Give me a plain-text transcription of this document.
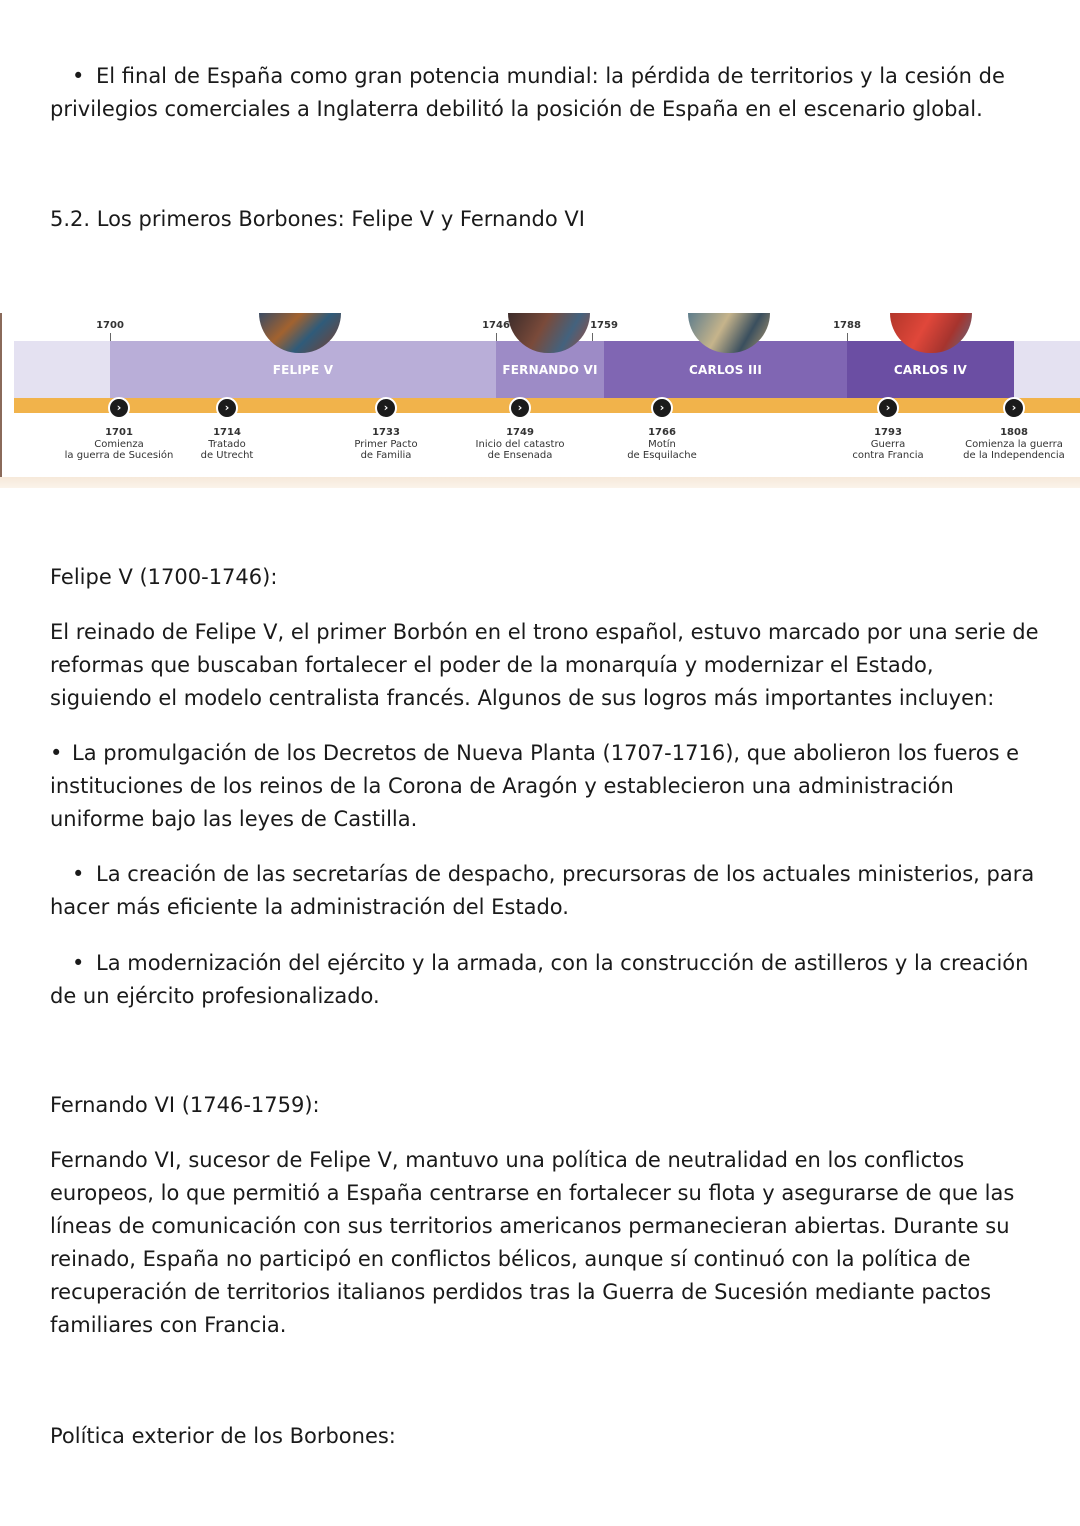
• El final de España como gran potencia mundial: la pérdida de territorios y la cesión de privilegios comerciales a Inglaterra debilitó la posición de España en el escenario global.

5.2. Los primeros Borbones: Felipe V y Fernando VI

FELIPE V	FERNANDO VI	CARLOS III	CARLOS IV
1700	1746	1759	1788
›	›	›	›	›	›	›
1701
Comienza
la guerra de Sucesión
1714
Tratado
de Utrecht
1733
Primer Pacto
de Familia
1749
Inicio del catastro
de Ensenada
1766
Motín
de Esquilache
1793
Guerra
contra Francia
1808
Comienza la guerra
de la Independencia

Felipe V (1700-1746):

El reinado de Felipe V, el primer Borbón en el trono español, estuvo marcado por una serie de reformas que buscaban fortalecer el poder de la monarquía y modernizar el Estado, siguiendo el modelo centralista francés. Algunos de sus logros más importantes incluyen:

• La promulgación de los Decretos de Nueva Planta (1707-1716), que abolieron los fueros e instituciones de los reinos de la Corona de Aragón y establecieron una administración uniforme bajo las leyes de Castilla.

• La creación de las secretarías de despacho, precursoras de los actuales ministerios, para hacer más eficiente la administración del Estado.

• La modernización del ejército y la armada, con la construcción de astilleros y la creación de un ejército profesionalizado.

Fernando VI (1746-1759):

Fernando VI, sucesor de Felipe V, mantuvo una política de neutralidad en los conflictos europeos, lo que permitió a España centrarse en fortalecer su flota y asegurarse de que las líneas de comunicación con sus territorios americanos permanecieran abiertas. Durante su reinado, España no participó en conflictos bélicos, aunque sí continuó con la política de recuperación de territorios italianos perdidos tras la Guerra de Sucesión mediante pactos familiares con Francia.

Política exterior de los Borbones:
